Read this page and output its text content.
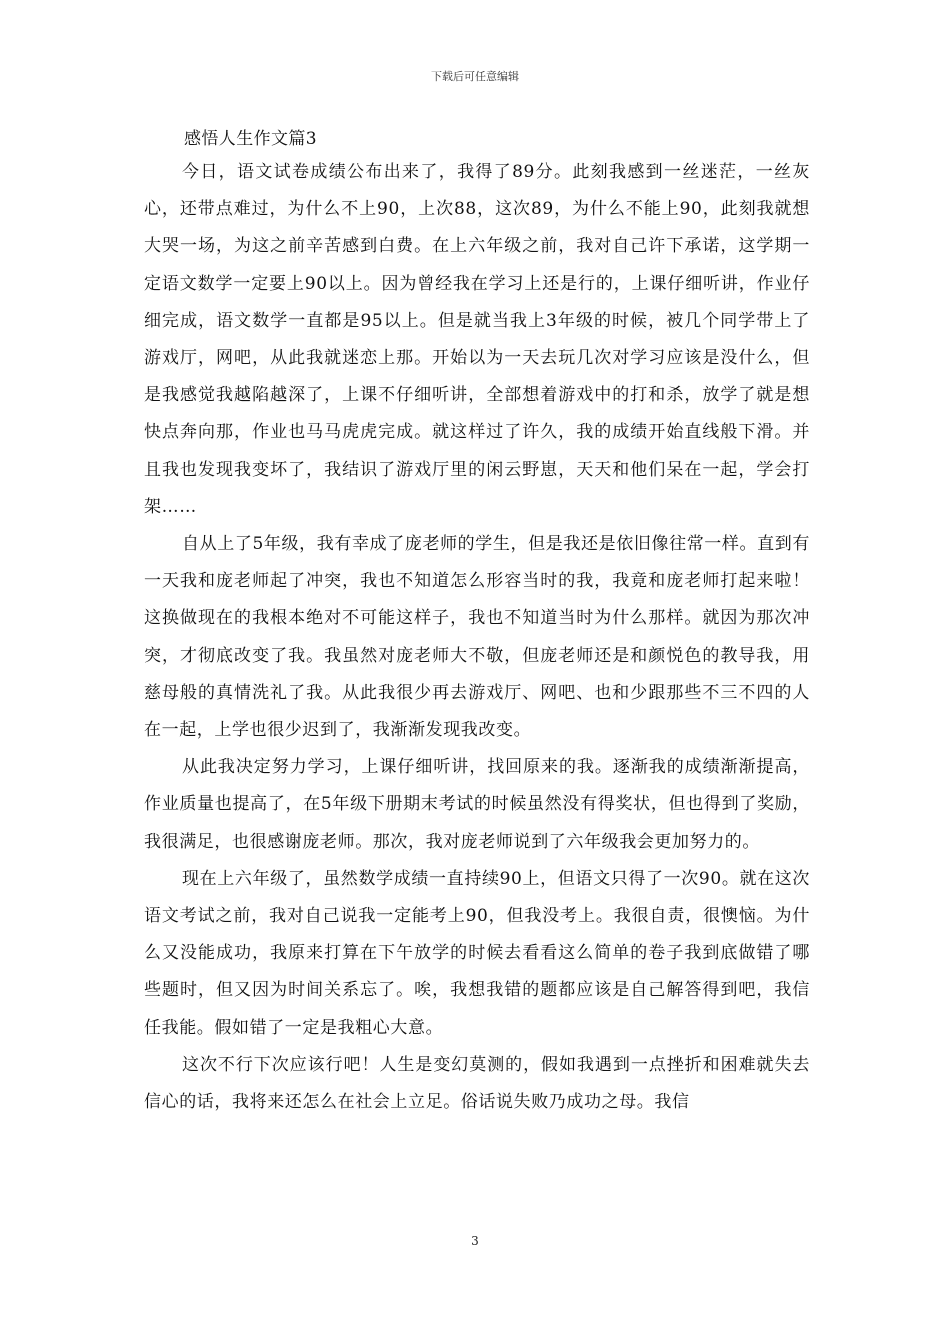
下载后可任意编辑
感悟人生作文篇3

今日，语文试卷成绩公布出来了，我得了89分。此刻我感到一丝迷茫，一丝灰心，还带点难过，为什么不上90，上次88，这次89，为什么不能上90，此刻我就想大哭一场，为这之前辛苦感到白费。在上六年级之前，我对自己许下承诺，这学期一定语文数学一定要上90以上。因为曾经我在学习上还是行的，上课仔细听讲，作业仔细完成，语文数学一直都是95以上。但是就当我上3年级的时候，被几个同学带上了游戏厅，网吧，从此我就迷恋上那。开始以为一天去玩几次对学习应该是没什么，但是我感觉我越陷越深了，上课不仔细听讲，全部想着游戏中的打和杀，放学了就是想快点奔向那，作业也马马虎虎完成。就这样过了许久，我的成绩开始直线般下滑。并且我也发现我变坏了，我结识了游戏厅里的闲云野崽，天天和他们呆在一起，学会打架……

自从上了5年级，我有幸成了庞老师的学生，但是我还是依旧像往常一样。直到有一天我和庞老师起了冲突，我也不知道怎么形容当时的我，我竟和庞老师打起来啦！这换做现在的我根本绝对不可能这样子，我也不知道当时为什么那样。就因为那次冲突，才彻底改变了我。我虽然对庞老师大不敬，但庞老师还是和颜悦色的教导我，用慈母般的真情洗礼了我。从此我很少再去游戏厅、网吧、也和少跟那些不三不四的人在一起，上学也很少迟到了，我渐渐发现我改变。

从此我决定努力学习，上课仔细听讲，找回原来的我。逐渐我的成绩渐渐提高，作业质量也提高了，在5年级下册期末考试的时候虽然没有得奖状，但也得到了奖励，我很满足，也很感谢庞老师。那次，我对庞老师说到了六年级我会更加努力的。

现在上六年级了，虽然数学成绩一直持续90上，但语文只得了一次90。就在这次语文考试之前，我对自己说我一定能考上90，但我没考上。我很自责，很懊恼。为什么又没能成功，我原来打算在下午放学的时候去看看这么简单的卷子我到底做错了哪些题时，但又因为时间关系忘了。唉，我想我错的题都应该是自己解答得到吧，我信任我能。假如错了一定是我粗心大意。

这次不行下次应该行吧！人生是变幻莫测的，假如我遇到一点挫折和困难就失去信心的话，我将来还怎么在社会上立足。俗话说失败乃成功之母。我信

3
